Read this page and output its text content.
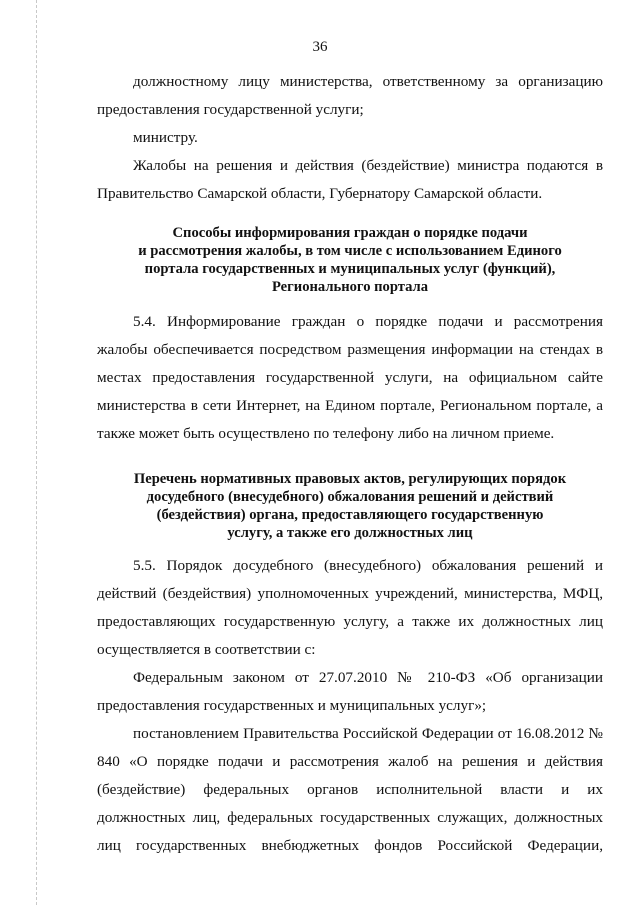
36

должностному лицу министерства, ответственному за организацию предоставления государственной услуги;

министру.

Жалобы на решения и действия (бездействие) министра подаются в Правительство Самарской области, Губернатору Самарской области.

Способы информирования граждан о порядке подачи

и рассмотрения жалобы, в том числе с использованием Единого

портала государственных и муниципальных услуг (функций),

Регионального портала

5.4. Информирование граждан о порядке подачи и рассмотрения жалобы обеспечивается посредством размещения информации на стендах в местах предоставления государственной услуги, на официальном сайте министерства в сети Интернет, на Едином портале, Региональном портале, а также может быть осуществлено по телефону либо на личном приеме.

Перечень нормативных правовых актов, регулирующих порядок

досудебного (внесудебного) обжалования решений и действий

(бездействия) органа, предоставляющего государственную

услугу, а также его должностных лиц

5.5. Порядок досудебного (внесудебного) обжалования решений и действий (бездействия) уполномоченных учреждений, министерства, МФЦ, предоставляющих государственную услугу, а также их должностных лиц осуществляется в соответствии с:

Федеральным законом от 27.07.2010 № 210-ФЗ «Об организации предоставления государственных и муниципальных услуг»;

постановлением Правительства Российской Федерации от 16.08.2012 № 840 «О порядке подачи и рассмотрения жалоб на решения и действия (бездействие) федеральных органов исполнительной власти и их должностных лиц, федеральных государственных служащих, должностных лиц государственных внебюджетных фондов Российской Федерации,
